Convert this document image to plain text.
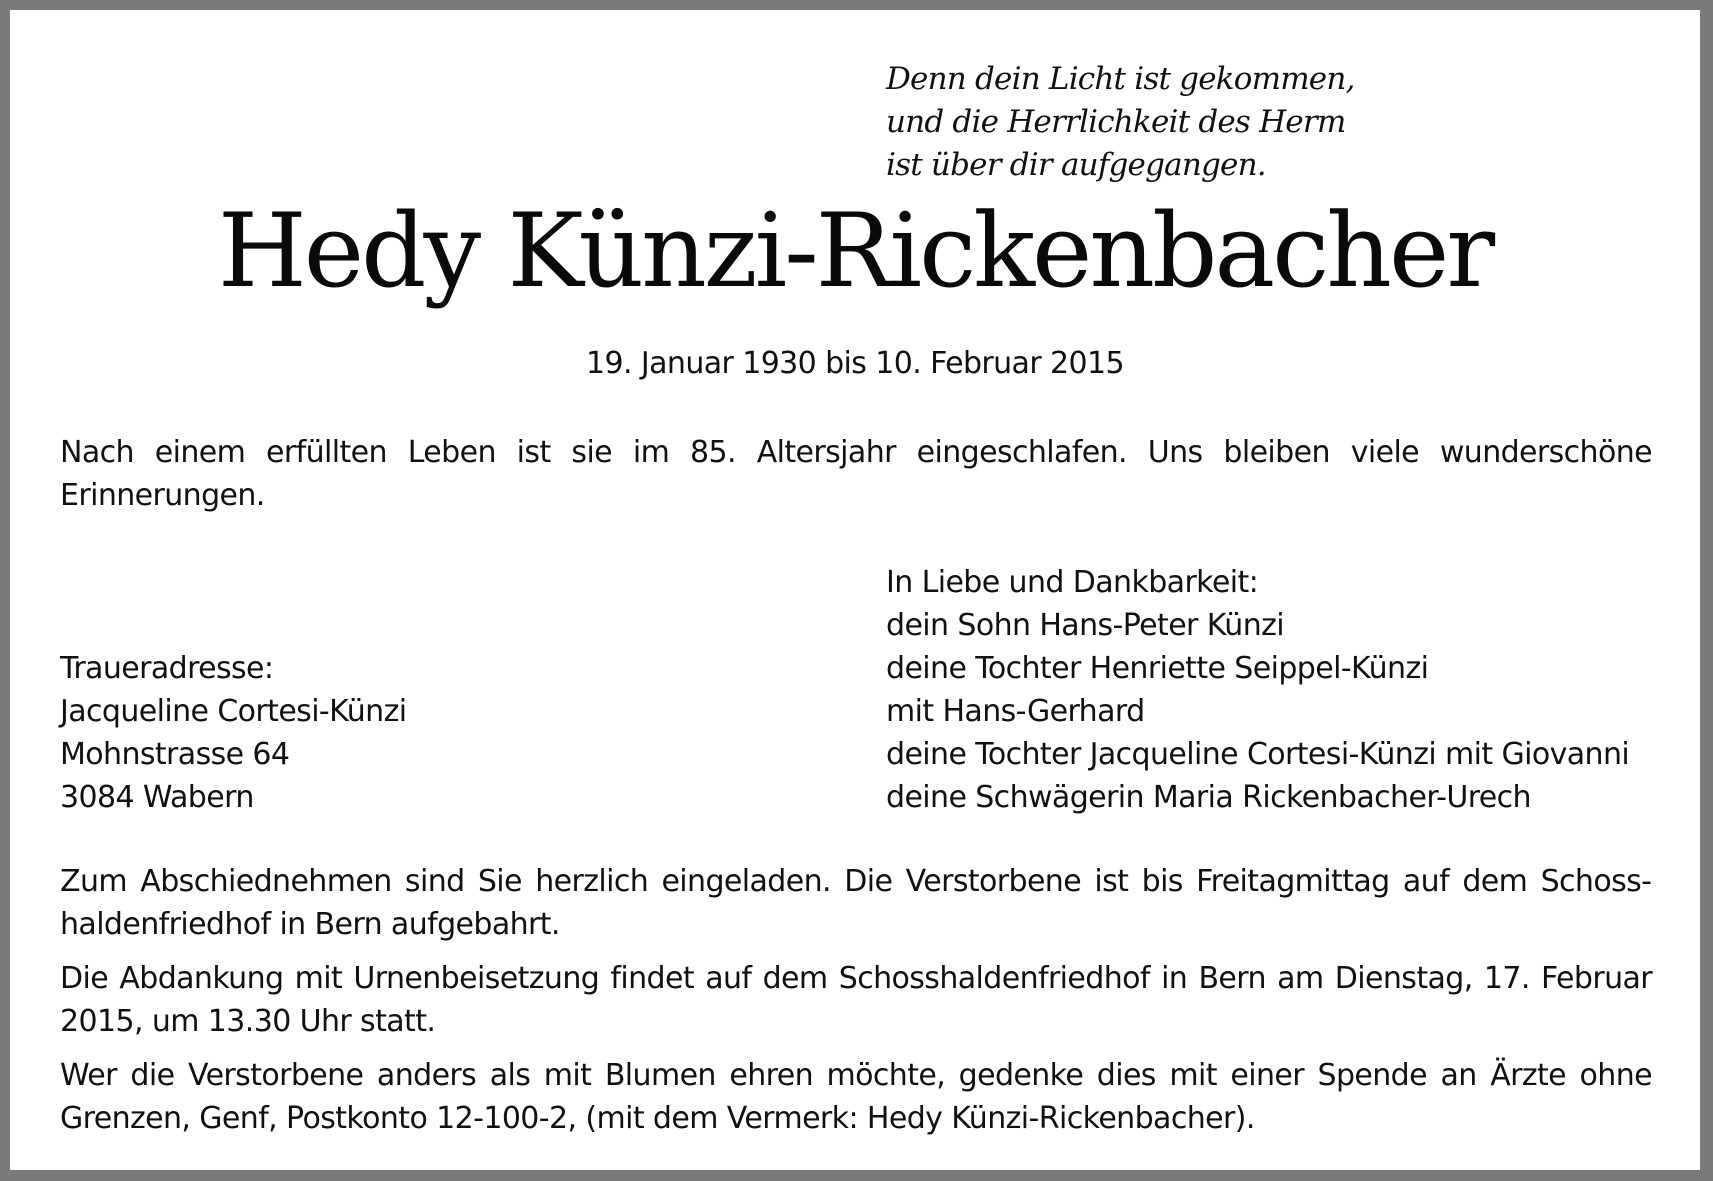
Denn dein Licht ist gekommen,
und die Herrlichkeit des Herm
ist über dir aufgegangen.
Hedy Künzi-Rickenbacher
19. Januar 1930 bis 10. Februar 2015
Nach einem erfüllten Leben ist sie im 85. Altersjahr eingeschlafen. Uns bleiben viele wunderschöne Erinnerungen.
Traueradresse:
Jacqueline Cortesi-Künzi
Mohnstrasse 64
3084 Wabern
In Liebe und Dankbarkeit:
dein Sohn Hans-Peter Künzi
deine Tochter Henriette Seippel-Künzi
mit Hans-Gerhard
deine Tochter Jacqueline Cortesi-Künzi mit Giovanni
deine Schwägerin Maria Rickenbacher-Urech
Zum Abschiednehmen sind Sie herzlich eingeladen. Die Verstorbene ist bis Freitagmittag auf dem Schosshaldenfriedhof in Bern aufgebahrt.
Die Abdankung mit Urnenbeisetzung findet auf dem Schosshaldenfriedhof in Bern am Dienstag, 17. Februar 2015, um 13.30 Uhr statt.
Wer die Verstorbene anders als mit Blumen ehren möchte, gedenke dies mit einer Spende an Ärzte ohne Grenzen, Genf, Postkonto 12-100-2, (mit dem Vermerk: Hedy Künzi-Rickenbacher).
